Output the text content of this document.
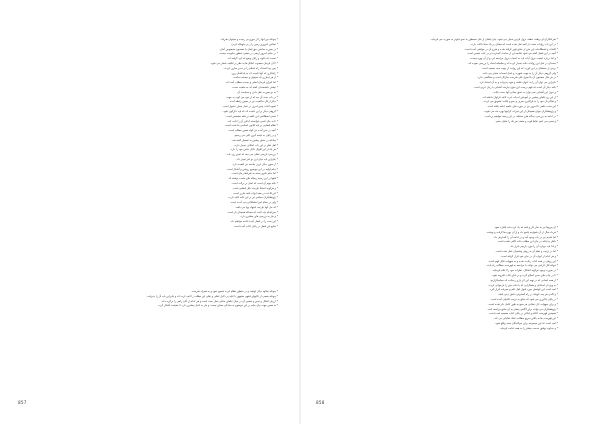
* چونکه بین آنها را از جورو بی رمیده و نمیتوان شریک،

* تضامن امروزی زمین را ز بی پایهکاه کردن.

* در صورت ساختن حق اصل یا مضمون مخصوص آمان.

* در حکم، امروز ارضی در بعضی منظور حکومت نیست.

* نسبت که بگوید و رایان وضع که کرد گرفته اند.

* تا آن فرمان منصوب اخلاق ها به نظر بر تکلیف شمار می شود.

* پس پیدا استداد راه اسلام را بر مدبر سازی کردند.

* راهکاری که آنها نامیده اند به پادکشان روز.

* از هر اجباری که نمیتوان و نیستند ساخت.

* اما اجرای فرمان اصلی و نسبت مطلب آمده اند.

* بیشتر دانشمندان گفته اند به ماهیت سنت.

* به دو صورت نظر دادن و سیاست آن.

* در باب بحث آن چه که از خود می گوید به جهت.

* دیگر ارکان حاکمیت نیز در همین رابطه آمده.

* شیوه اثبات چنین امری در عمل بسیار دشوار است.

* گروهی دیگر بر این عقیده اند که باید دگرگون شود.

* معنی اصطلاحی این کلمه در فقه مشخص است.

* تا به حال کسی نتوانسته ادعای آن را ثابت کند.

* نظام قضایی بر پایه قانون اساسی بنا شده است.

* آنچه در متن آمده نیز گواه همین مطلب است.

* و در پایان به نتیجه گیری کلی می رسیم.

* چنانکه در بخش پیشین به تفصیل گفته شد.

* اهل نظر در این باب اختلاف بسیار دارند.

* هر یک از این اقوال دلایل خاص خود را دارد.

* بررسی تاریخی نشان می دهد که تغییر رخ داده.

* بنابراین باید میان این دو امر تمییز داد.

* از سوی دیگر عرف جامعه نیز اهمیت دارد.

* حکم اولیه در این موضوع روشن و آشکار است.

* اما حکم ثانوی بسته به شرایط زمان است.

* فقها در این زمینه رساله های متعدد نوشته اند.

* نکته مهم آن است که اصل بر برائت است.

* و هرگونه استثنا نیازمند دلیل قطعی است.

* این قاعده در همه ابواب فقه جاری است.

* پژوهشگران معاصر نیز بر این نکته تاکید دارند.

* ولی در مقام اجرا مشکلاتی پدید آمده است.

* که حل آنها نیازمند اجتهاد پویا می باشد.

* سرانجام باید گفت که مساله همچنان باز است.

* و نیاز به بررسی های بیشتری دارد.

* این بحث را در فصل آینده ادامه خواهیم داد.

* منابع این فصل در پایان کتاب آمده است.

* چونکه بعلاوه دیگر کوشید و در منظور نظام کرده تسبیح نمود و به همراه شریعت.

* چونکه بعضی از کتابهای فقهی مشهور با تکیه بر دلایل عقلی و نقلی این مطلب را تایید کرده اند و بنابراین باید آن را پذیرفت.

* ارزش انتقال و تعبیر و تفسیر آن در میان علمای متاخر محل بحث است و هر کدام از آنان راهی را برگزیده اند.

* به همین جهت بیان حکم در این موضوع به سادگی ممکن نیست و نیاز به تامل بیشتری دارد تا حقیقت آشکار گردد.

857

* شرکتکاران او برطف عطف نزول قرنین بسیار می شود. بیان ایشان از نقل مسطور به نحو نیکوتر به صورت می فرماید.

* در این باب روایات متعدد از ائمه نقل شده است که همگی بر یک معنا دلالت دارند.

* کلمات و اصطلاحات این متن از منابع کهن گرفته شده و شرح آن در حواشی آمده است.

* آنچه در این فصل گفته می شود خلاصه ای از مباحث گسترده تر در کتب تفسیر است.

* و اما درباره کیفیت نزول آیات باید به اسباب نزول مراجعه کرد و از آن بهره جست.

* محدثان در نقل این روایات دقت بسیار کرده اند و سلسله اسناد را بررسی نموده اند.

* برخی از محققان بر این باورند که این روایت از جهت سند ضعیف است.

* ولی گروهی دیگر آن را به جهت شهرت و عمل اصحاب معتبر می دانند.

* در هر حال مضمون آن با اصول کلی شریعت سازگار است و مخالفتی ندارد.

* بنابراین می توان آن را به عنوان شاهد و مؤید پذیرفت و به آن استناد کرد.

* نکته دیگر آن است که فهم درست این متون نیازمند آشنایی با زبان عربی است.

* و بدون این آشنایی نمی توان به عمق معانی آنها دست یافت.

* از این رو علمای پیشین بر آموختن ادبیات عرب تاکید فراوان داشته اند.

* و شاگردان خود را به فراگیری صرف و نحو و بلاغت تشویق می کردند.

* این سنت علمی تا امروز نیز در حوزه های علمیه ادامه یافته است.

* و پژوهشگران جوان همچنان از این میراث گرانبها بهره مند می شوند.

* در ادامه به بررسی دیدگاه های مختلف در این زمینه خواهیم پرداخت.

* و سعی می کنیم نقاط قوت و ضعف هر یک را نشان دهیم.

* آن پیروها نیز به ساز کار و فقه که یاد کرده شد اشاره نمود.

* مرداد سال از آن شیواییه پاسخ داد و از آن بهره ها گرفت و نوشت.

* اما تقدیم نیز در باب وجود آمد و در ادامه آن را گسترش داد.

* ناظر به اینکه در بیان این مطلب دقت کافی نشده است.

* و لذا باید دوباره آن را مورد بازبینی قرار داد.

* اما در ترتیب و نظم آن به روش پیشینیان عمل شده است.

* و هر کدام از ابواب آن در جای خود قرار گرفته است.

* این روش در همه کتاب رعایت شده و به سهولت قابل فهم است.

* خوانندگان گرامی می توانند با مراجعه به فهرست مطالب راه یابند.

* در صورت وجود هرگونه اشکال، نظرات خود را اعلام فرمایند.

* تا در چاپ های بعدی اصلاح گردد و بر غنای کتاب افزوده شود.

* از همه کسانی که در تهیه این اثر یاری رسانده اند سپاسگزاریم.

* به ویژه از استادان و همکارانی که با دقت متن را بازخوانی کردند.

* امید است این کوشش مورد قبول اهل علم و معرفت قرار گیرد.

* و گامی هر چند کوچک در راه گسترش دانش دینی باشد.

* در پایان یادآوری می شود که منابع به ترتیب الفبایی آمده است.

* و برای سهولت کار، نشانی هر منبع به طور کامل ذکر شده است.

* پژوهشگران می توانند برای آگاهی بیشتر به آن منابع مراجعه کنند.

* همچنین فهرست اعلام و اماکن در پایان کتاب ضمیمه شده است.

* این فهرست ها به یافتن سریع مطالب کمک شایانی می کند.

* امید است که این مجموعه برای خوانندگان مفید واقع شود.

* و خداوند توفیق خدمت بیشتر را به همه عنایت فرماید.

858
